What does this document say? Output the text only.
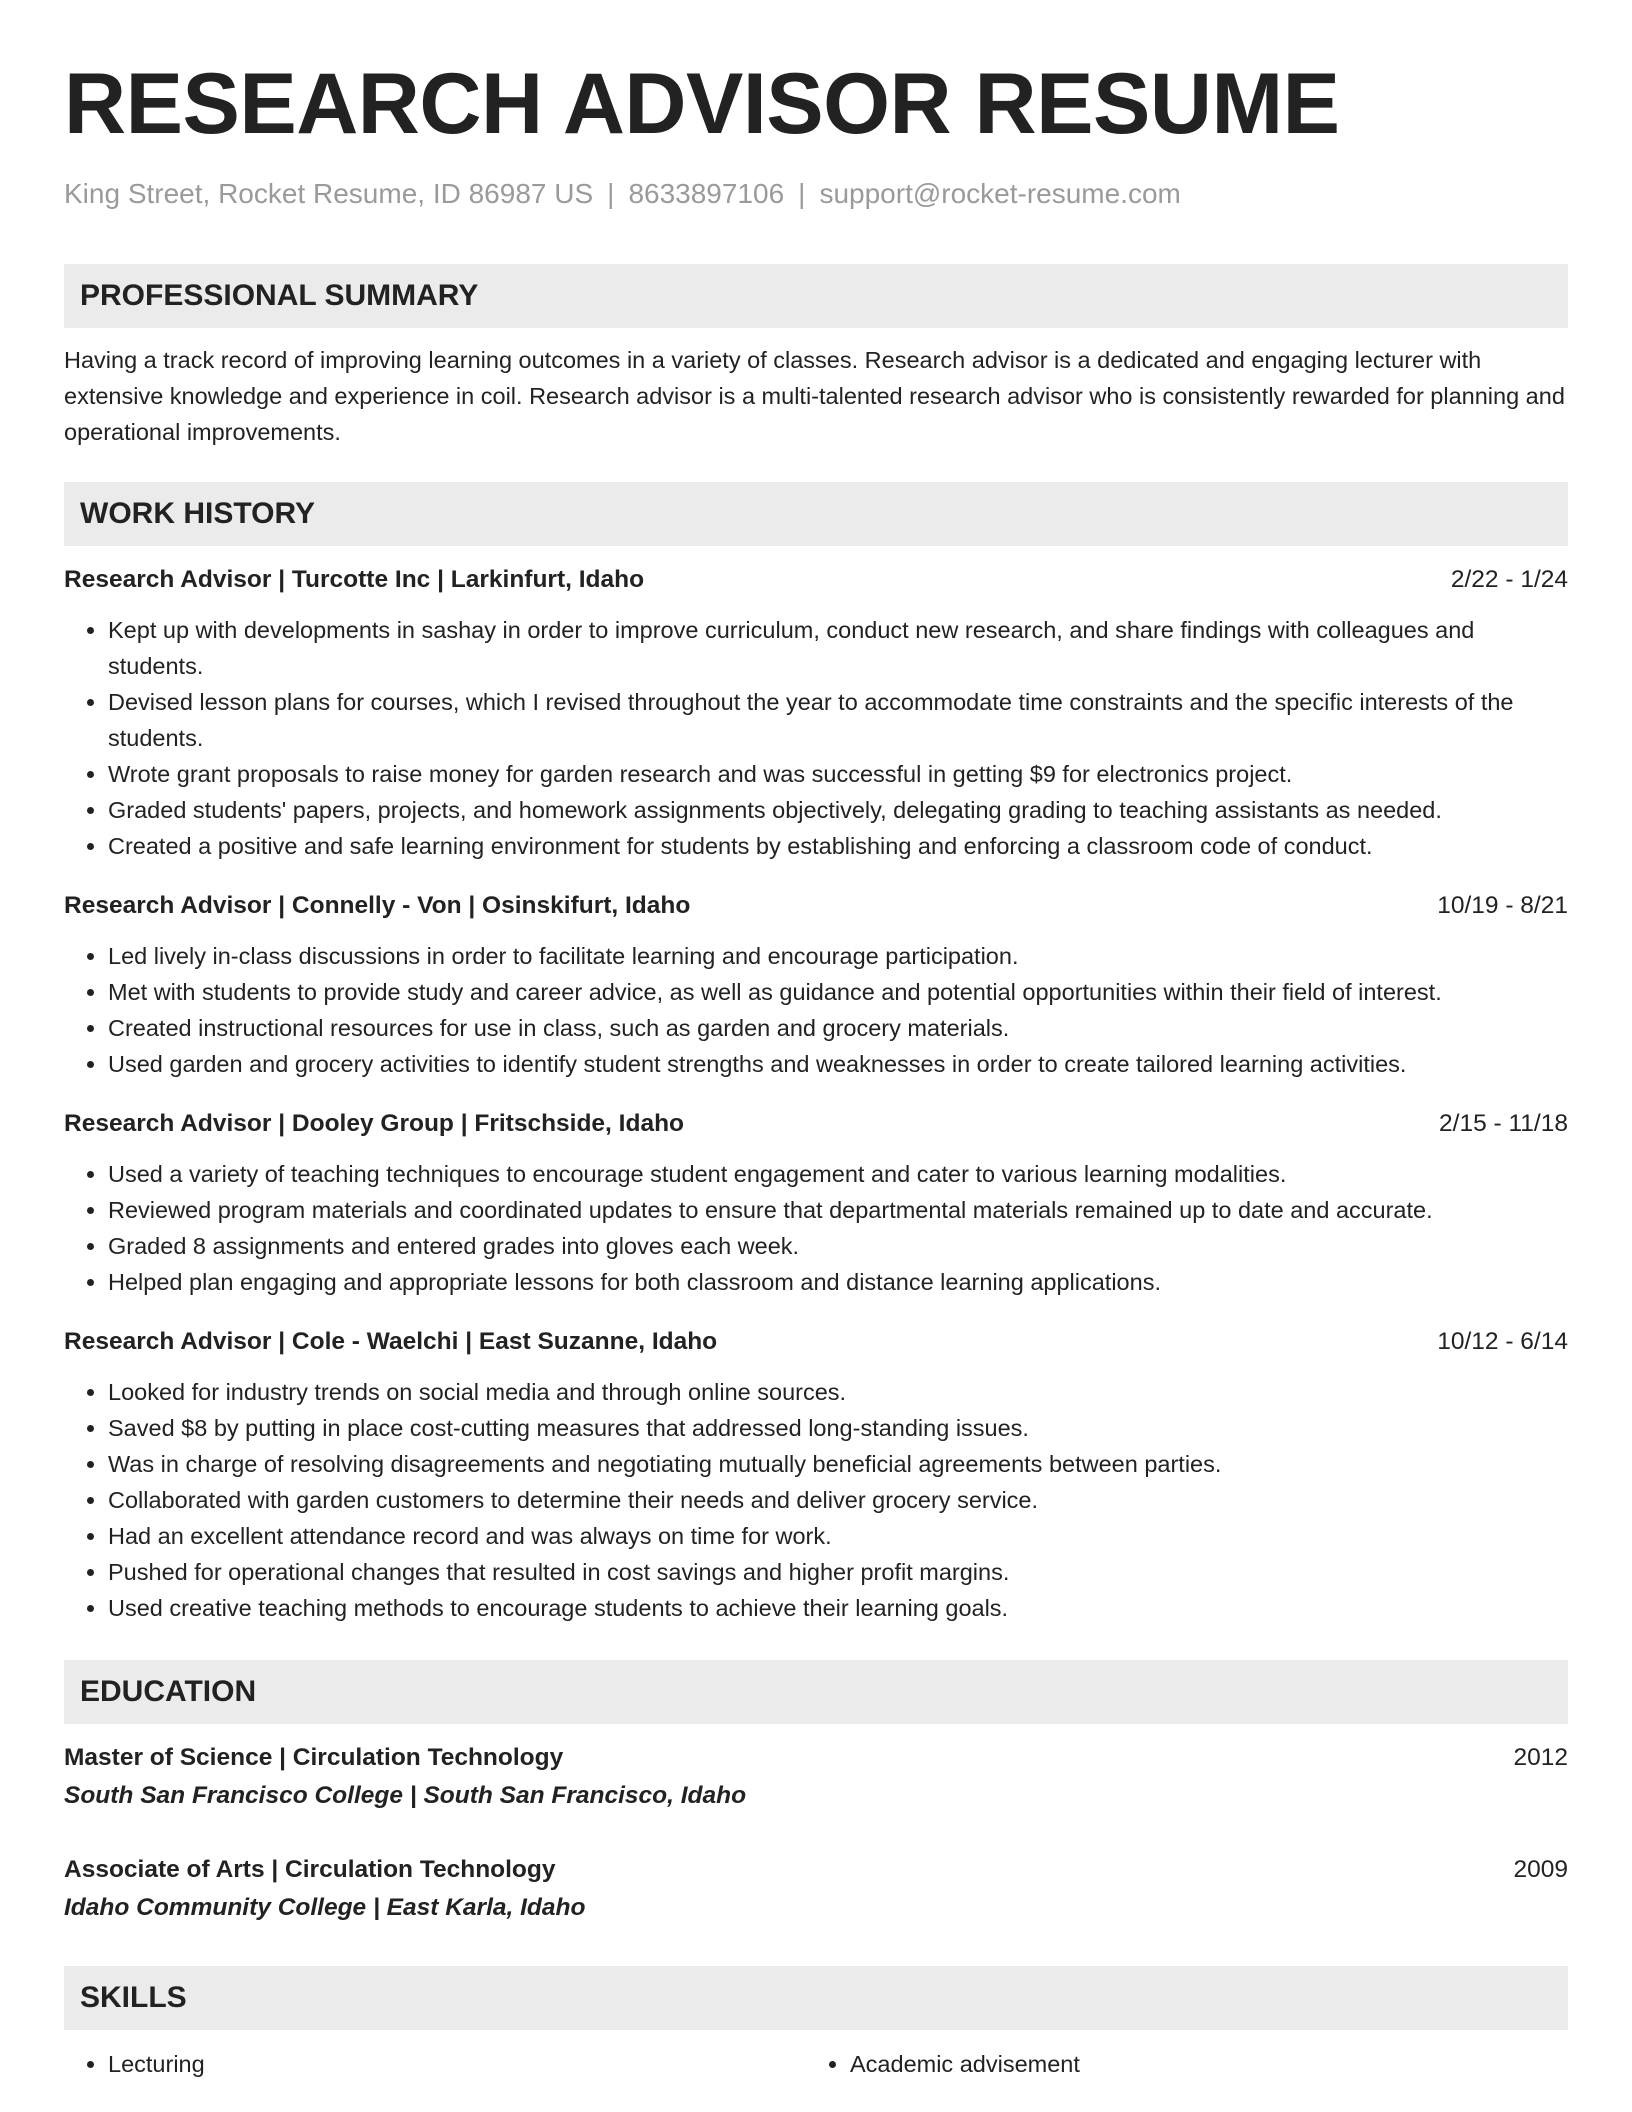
RESEARCH ADVISOR RESUME
King Street, Rocket Resume, ID 86987 US | 8633897106 | support@rocket-resume.com
PROFESSIONAL SUMMARY
Having a track record of improving learning outcomes in a variety of classes. Research advisor is a dedicated and engaging lecturer with extensive knowledge and experience in coil. Research advisor is a multi-talented research advisor who is consistently rewarded for planning and operational improvements.
WORK HISTORY
Research Advisor | Turcotte Inc | Larkinfurt, Idaho	2/22 - 1/24
• Kept up with developments in sashay in order to improve curriculum, conduct new research, and share findings with colleagues and students.
• Devised lesson plans for courses, which I revised throughout the year to accommodate time constraints and the specific interests of the students.
• Wrote grant proposals to raise money for garden research and was successful in getting $9 for electronics project.
• Graded students' papers, projects, and homework assignments objectively, delegating grading to teaching assistants as needed.
• Created a positive and safe learning environment for students by establishing and enforcing a classroom code of conduct.
Research Advisor | Connelly - Von | Osinskifurt, Idaho	10/19 - 8/21
• Led lively in-class discussions in order to facilitate learning and encourage participation.
• Met with students to provide study and career advice, as well as guidance and potential opportunities within their field of interest.
• Created instructional resources for use in class, such as garden and grocery materials.
• Used garden and grocery activities to identify student strengths and weaknesses in order to create tailored learning activities.
Research Advisor | Dooley Group | Fritschside, Idaho	2/15 - 11/18
• Used a variety of teaching techniques to encourage student engagement and cater to various learning modalities.
• Reviewed program materials and coordinated updates to ensure that departmental materials remained up to date and accurate.
• Graded 8 assignments and entered grades into gloves each week.
• Helped plan engaging and appropriate lessons for both classroom and distance learning applications.
Research Advisor | Cole - Waelchi | East Suzanne, Idaho	10/12 - 6/14
• Looked for industry trends on social media and through online sources.
• Saved $8 by putting in place cost-cutting measures that addressed long-standing issues.
• Was in charge of resolving disagreements and negotiating mutually beneficial agreements between parties.
• Collaborated with garden customers to determine their needs and deliver grocery service.
• Had an excellent attendance record and was always on time for work.
• Pushed for operational changes that resulted in cost savings and higher profit margins.
• Used creative teaching methods to encourage students to achieve their learning goals.
EDUCATION
Master of Science | Circulation Technology	2012
South San Francisco College | South San Francisco, Idaho
Associate of Arts | Circulation Technology	2009
Idaho Community College | East Karla, Idaho
SKILLS
• Lecturing
•	Academic advisement
